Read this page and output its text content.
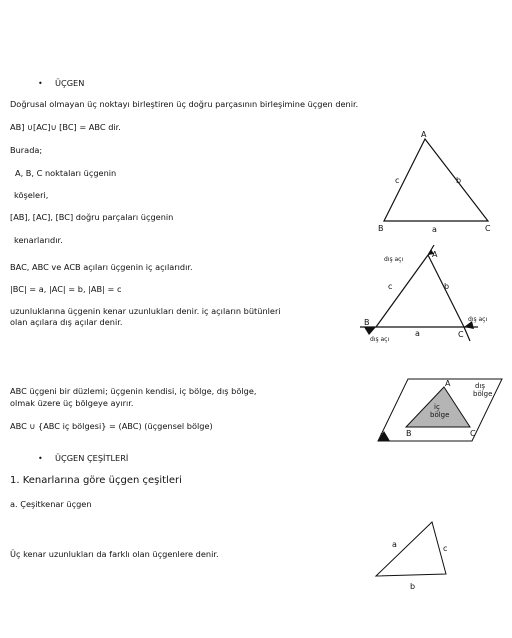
• ÜÇGEN
Doğrusal olmayan üç noktayı birleştiren üç doğru parçasının birleşimine üçgen denir.
AB] ∪[AC]∪ [BC] = ABC dir.
Burada;
A, B, C noktaları üçgenin
köşeleri,
[AB], [AC], [BC] doğru parçaları üçgenin
kenarlarıdır.
BAC, ABC ve ACB açıları üçgenin iç açılarıdır.
|BC| = a, |AC| = b, |AB| = c
uzunluklarına üçgenin kenar uzunlukları denir. iç açıların bütünleri
olan açılara dış açılar denir.
ABC üçgeni bir düzlemi; üçgenin kendisi, iç bölge, dış bölge,
olmak üzere üç bölgeye ayırır.
ABC ∪ {ABC iç bölgesi} = (ABC) (üçgensel bölge)
• ÜÇGEN ÇEŞİTLERİ
1. Kenarlarına göre üçgen çeşitleri
a. Çeşitkenar üçgen
Üç kenar uzunlukları da farklı olan üçgenlere denir.
A
B	C
a
b
c
A
B
C
a
b
c
dış açı
dış açı
dış açı
E
A
B	C
iç
bölge
dış
bölge
a
b
c
